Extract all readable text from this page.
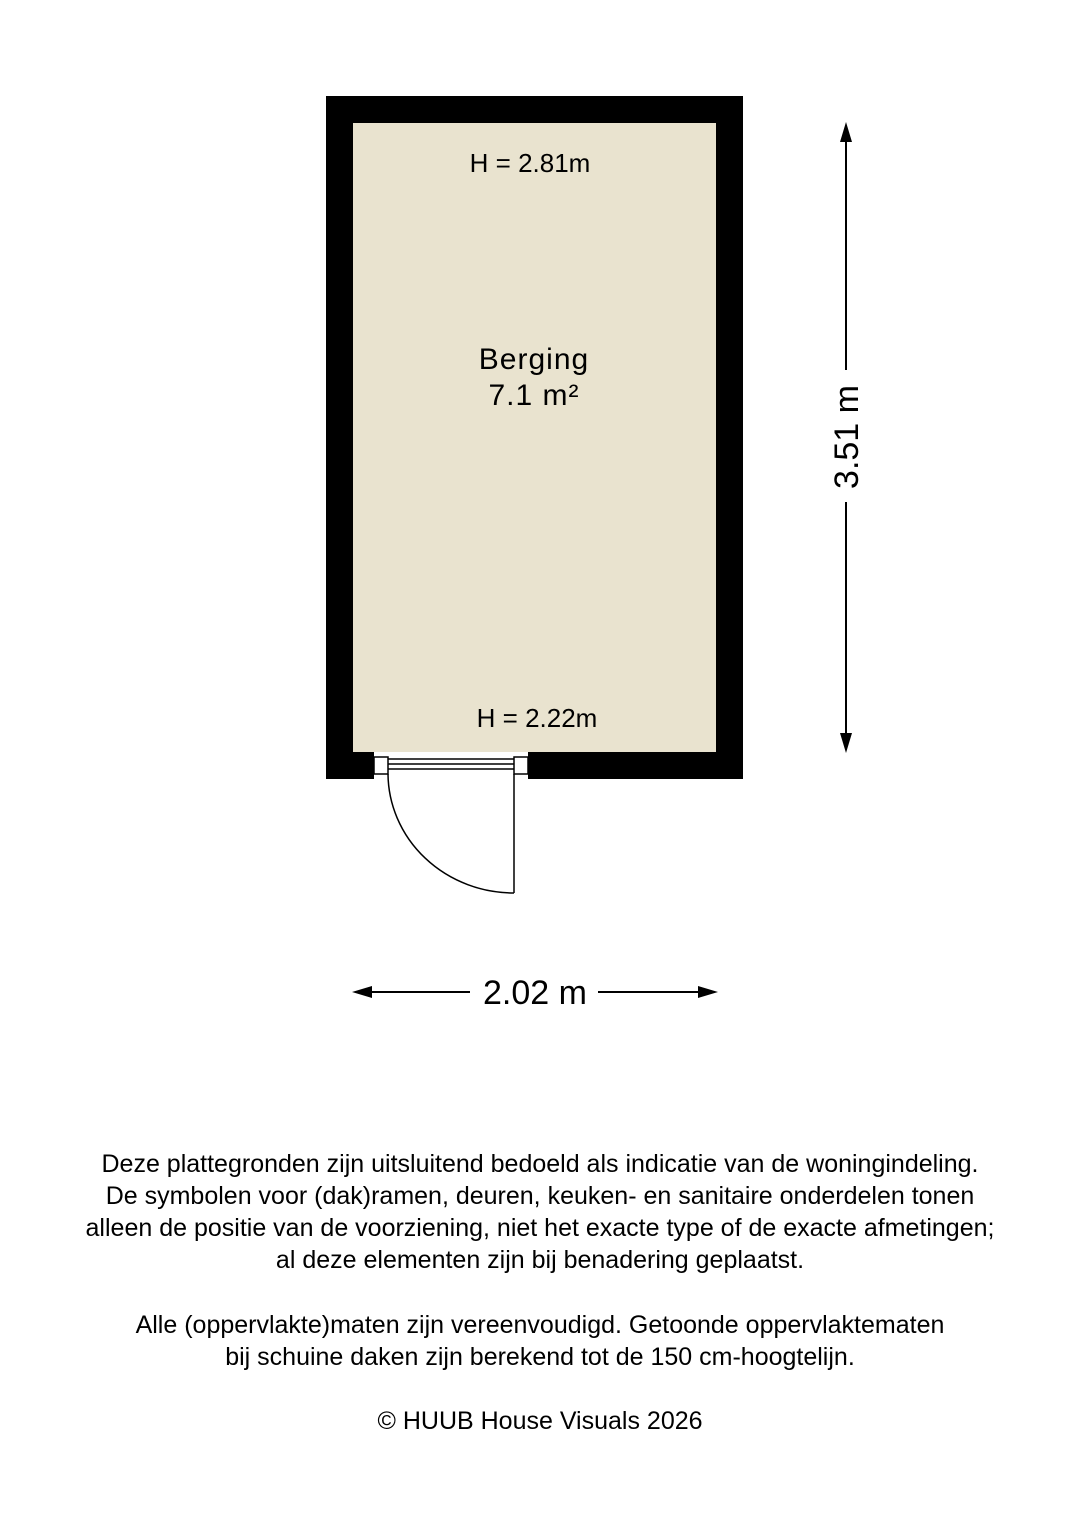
H = 2.81m
Berging
7.1 m²
H = 2.22m
3.51 m
2.02 m

Deze plattegronden zijn uitsluitend bedoeld als indicatie van de woningindeling.

De symbolen voor (dak)ramen, deuren, keuken- en sanitaire onderdelen tonen

alleen de positie van de voorziening, niet het exacte type of de exacte afmetingen;

al deze elementen zijn bij benadering geplaatst.

Alle (oppervlakte)maten zijn vereenvoudigd. Getoonde oppervlaktematen

bij schuine daken zijn berekend tot de 150 cm-hoogtelijn.

© HUUB House Visuals 2026
